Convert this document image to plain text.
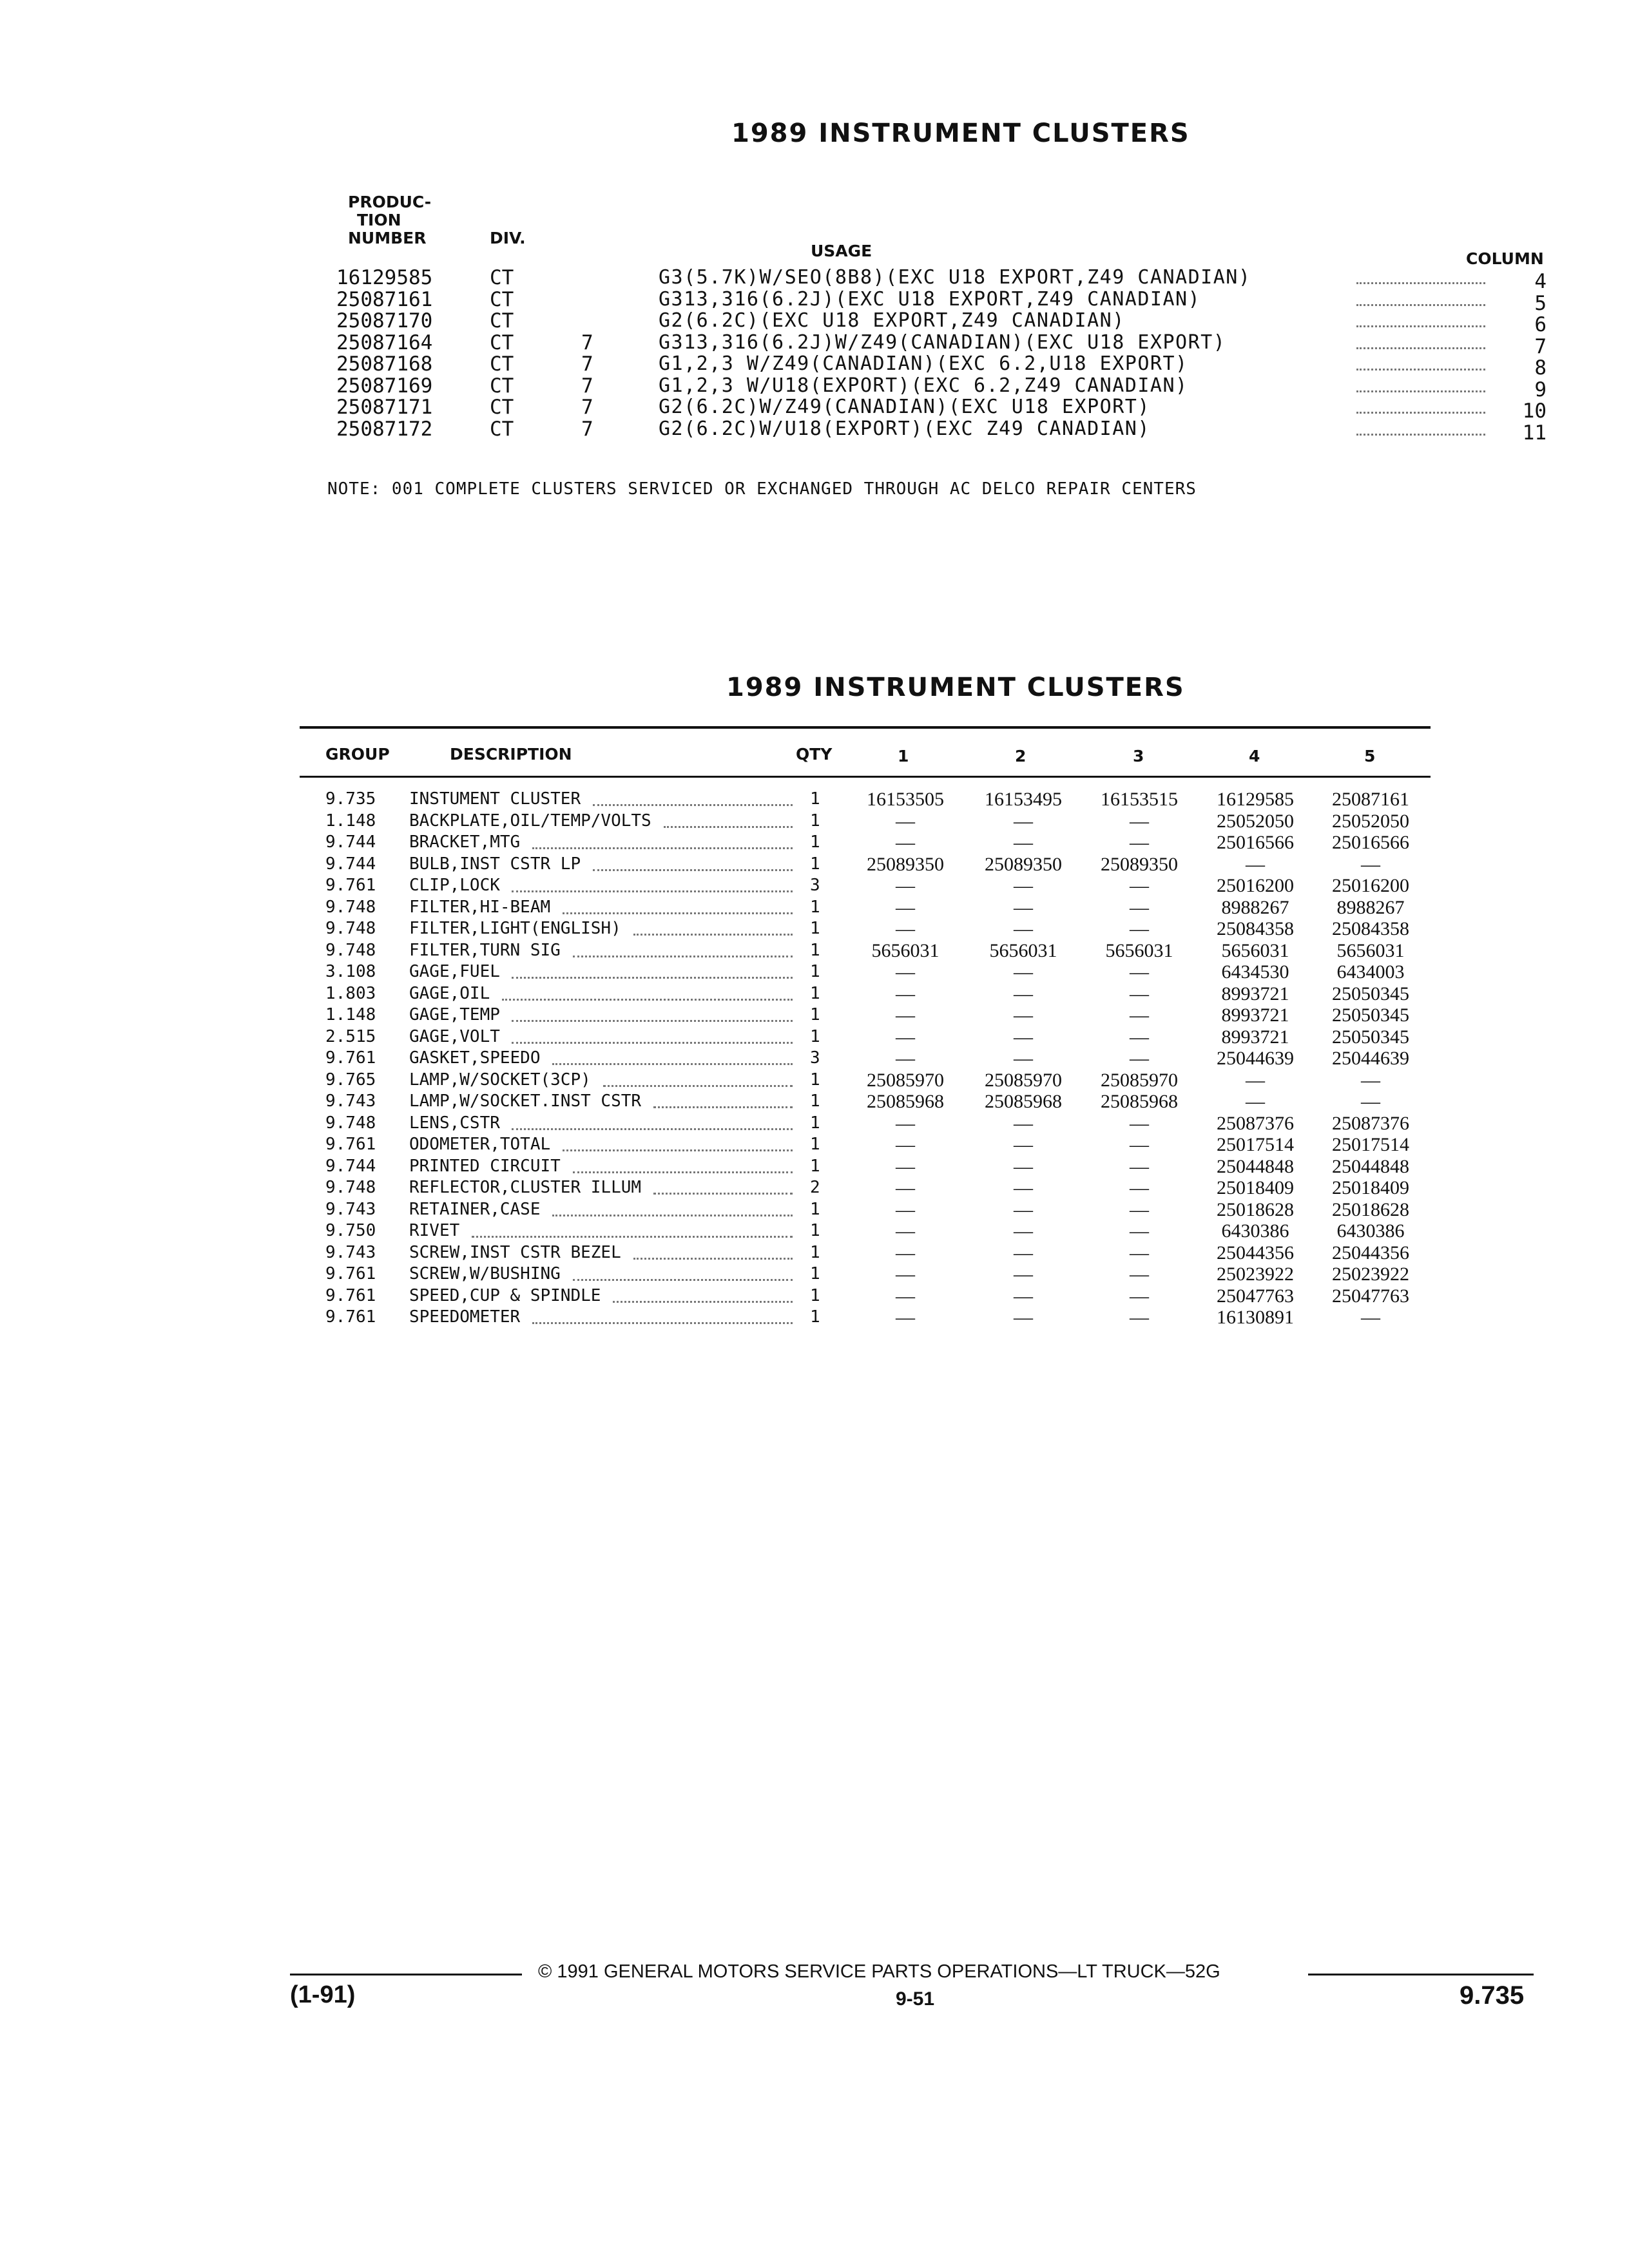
1989 INSTRUMENT CLUSTERS
PRODUC-
TION
NUMBER	DIV.
USAGE	COLUMN
16129585	CT	G3(5.7K)W/SEO(8B8)(EXC U18 EXPORT,Z49 CANADIAN)	4
25087161	CT	G313,316(6.2J)(EXC U18 EXPORT,Z49 CANADIAN)	5
25087170	CT	G2(6.2C)(EXC U18 EXPORT,Z49 CANADIAN)	6
25087164	CT	7	G313,316(6.2J)W/Z49(CANADIAN)(EXC U18 EXPORT)	7
25087168	CT	7	G1,2,3 W/Z49(CANADIAN)(EXC 6.2,U18 EXPORT)	8
25087169	CT	7	G1,2,3 W/U18(EXPORT)(EXC 6.2,Z49 CANADIAN)	9
25087171	CT	7	G2(6.2C)W/Z49(CANADIAN)(EXC U18 EXPORT)	10
25087172	CT	7	G2(6.2C)W/U18(EXPORT)(EXC Z49 CANADIAN)	11
NOTE: 001 COMPLETE CLUSTERS SERVICED OR EXCHANGED THROUGH AC DELCO REPAIR CENTERS
1989 INSTRUMENT CLUSTERS
GROUP	DESCRIPTION	QTY	1	2	3	4	5
9.735 INSTUMENT CLUSTER	1	16153505	16153495	16153515	16129585	25087161
1.148 BACKPLATE,OIL/TEMP/VOLTS	1	—	—	—	25052050	25052050
9.744 BRACKET,MTG	1	—	—	—	25016566	25016566
9.744 BULB,INST CSTR LP	1	25089350	25089350	25089350	—	—
9.761 CLIP,LOCK	3	—	—	—	25016200	25016200
9.748 FILTER,HI-BEAM	1	—	—	—	8988267	8988267
9.748 FILTER,LIGHT(ENGLISH)	1	—	—	—	25084358	25084358
9.748 FILTER,TURN SIG	1	5656031	5656031	5656031	5656031	5656031
3.108 GAGE,FUEL	1	—	—	—	6434530	6434003
1.803 GAGE,OIL	1	—	—	—	8993721	25050345
1.148 GAGE,TEMP	1	—	—	—	8993721	25050345
2.515 GAGE,VOLT	1	—	—	—	8993721	25050345
9.761 GASKET,SPEEDO	3	—	—	—	25044639	25044639
9.765 LAMP,W/SOCKET(3CP)	1	25085970	25085970	25085970	—	—
9.743 LAMP,W/SOCKET.INST CSTR	1	25085968	25085968	25085968	—	—
9.748 LENS,CSTR	1	—	—	—	25087376	25087376
9.761 ODOMETER,TOTAL	1	—	—	—	25017514	25017514
9.744 PRINTED CIRCUIT	1	—	—	—	25044848	25044848
9.748 REFLECTOR,CLUSTER ILLUM	2	—	—	—	25018409	25018409
9.743 RETAINER,CASE	1	—	—	—	25018628	25018628
9.750 RIVET	1	—	—	—	6430386	6430386
9.743 SCREW,INST CSTR BEZEL	1	—	—	—	25044356	25044356
9.761 SCREW,W/BUSHING	1	—	—	—	25023922	25023922
9.761 SPEED,CUP & SPINDLE	1	—	—	—	25047763	25047763
9.761 SPEEDOMETER	1	—	—	—	16130891	—
© 1991 GENERAL MOTORS SERVICE PARTS OPERATIONS—LT TRUCK—52G
(1-91)	9-51	9.735
